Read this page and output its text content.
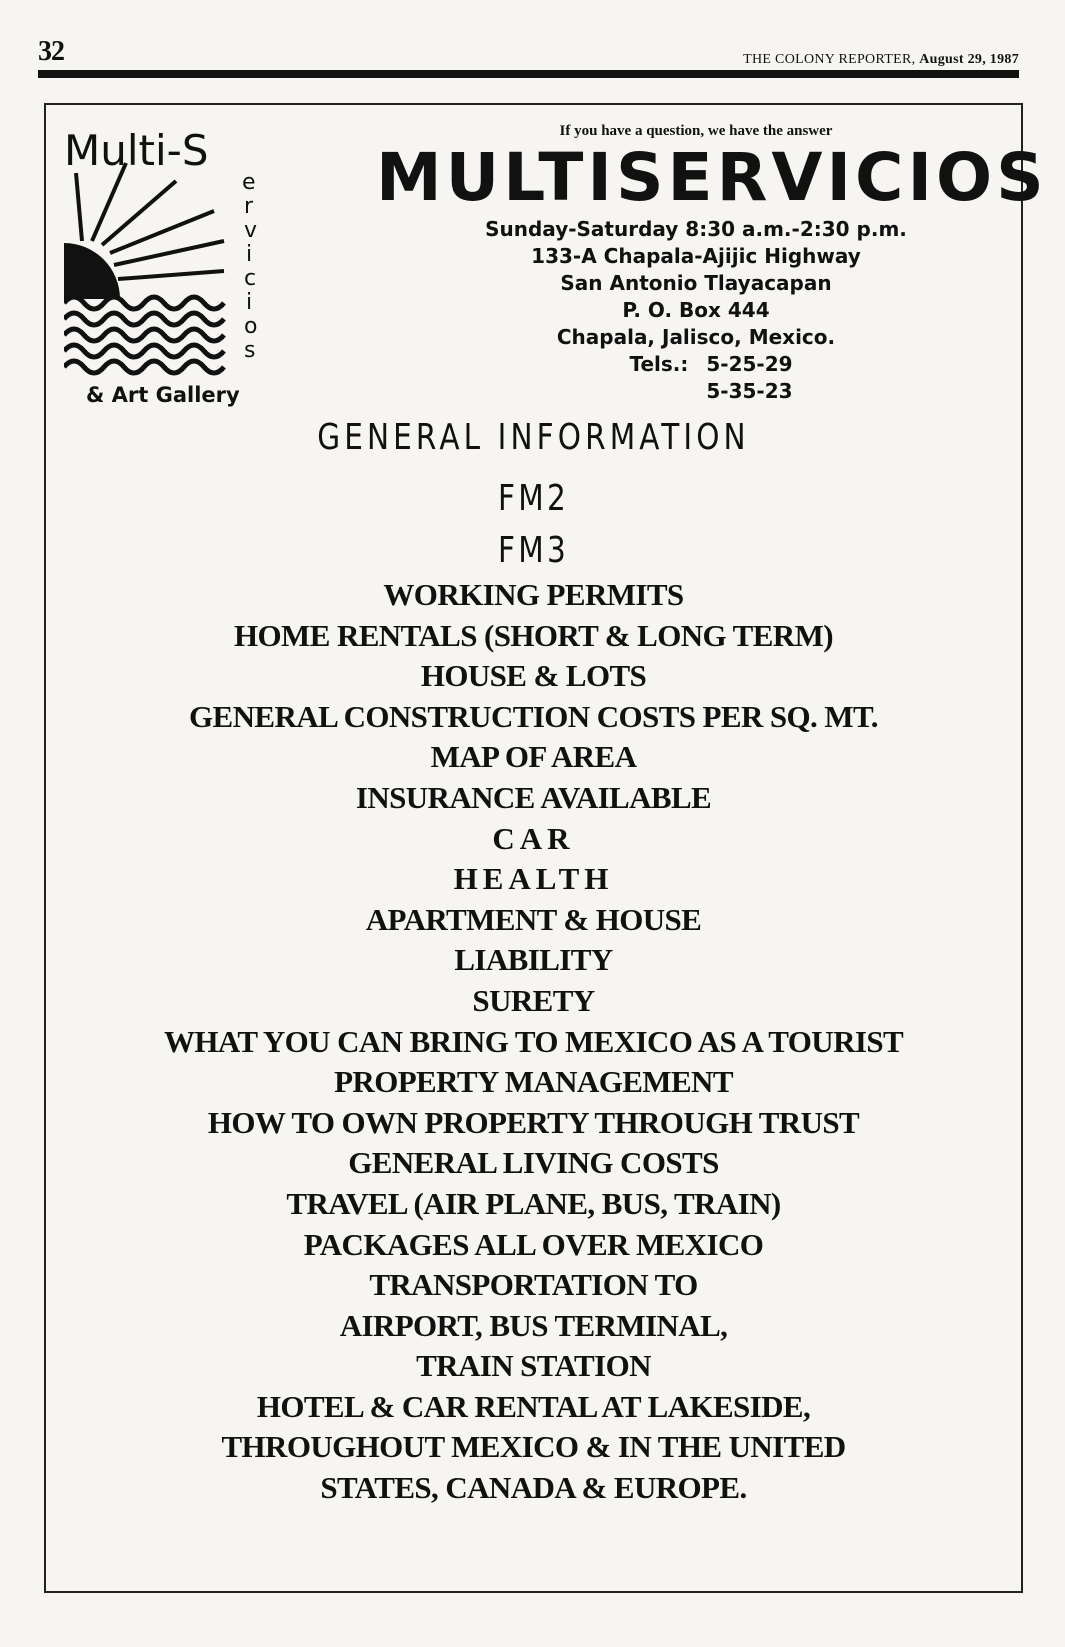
32	THE COLONY REPORTER, August 29, 1987
Multi-S
e
r
v
i
c
i
o
s
& Art Gallery
If you have a question, we have the answer
MULTISERVICIOS
Sunday-Saturday 8:30 a.m.-2:30 p.m.
133-A Chapala-Ajijic Highway
San Antonio Tlayacapan
P. O. Box 444
Chapala, Jalisco, Mexico.
Tels.: 5-25-29
5-35-23
GENERAL INFORMATION
FM2
FM3
WORKING PERMITS
HOME RENTALS (SHORT & LONG TERM)
HOUSE & LOTS
GENERAL CONSTRUCTION COSTS PER SQ. MT.
MAP OF AREA
INSURANCE AVAILABLE
CAR
HEALTH
APARTMENT & HOUSE
LIABILITY
SURETY
WHAT YOU CAN BRING TO MEXICO AS A TOURIST
PROPERTY MANAGEMENT
HOW TO OWN PROPERTY THROUGH TRUST
GENERAL LIVING COSTS
TRAVEL (AIR PLANE, BUS, TRAIN)
PACKAGES ALL OVER MEXICO
TRANSPORTATION TO
AIRPORT, BUS TERMINAL,
TRAIN STATION
HOTEL & CAR RENTAL AT LAKESIDE,
THROUGHOUT MEXICO & IN THE UNITED
STATES, CANADA & EUROPE.
